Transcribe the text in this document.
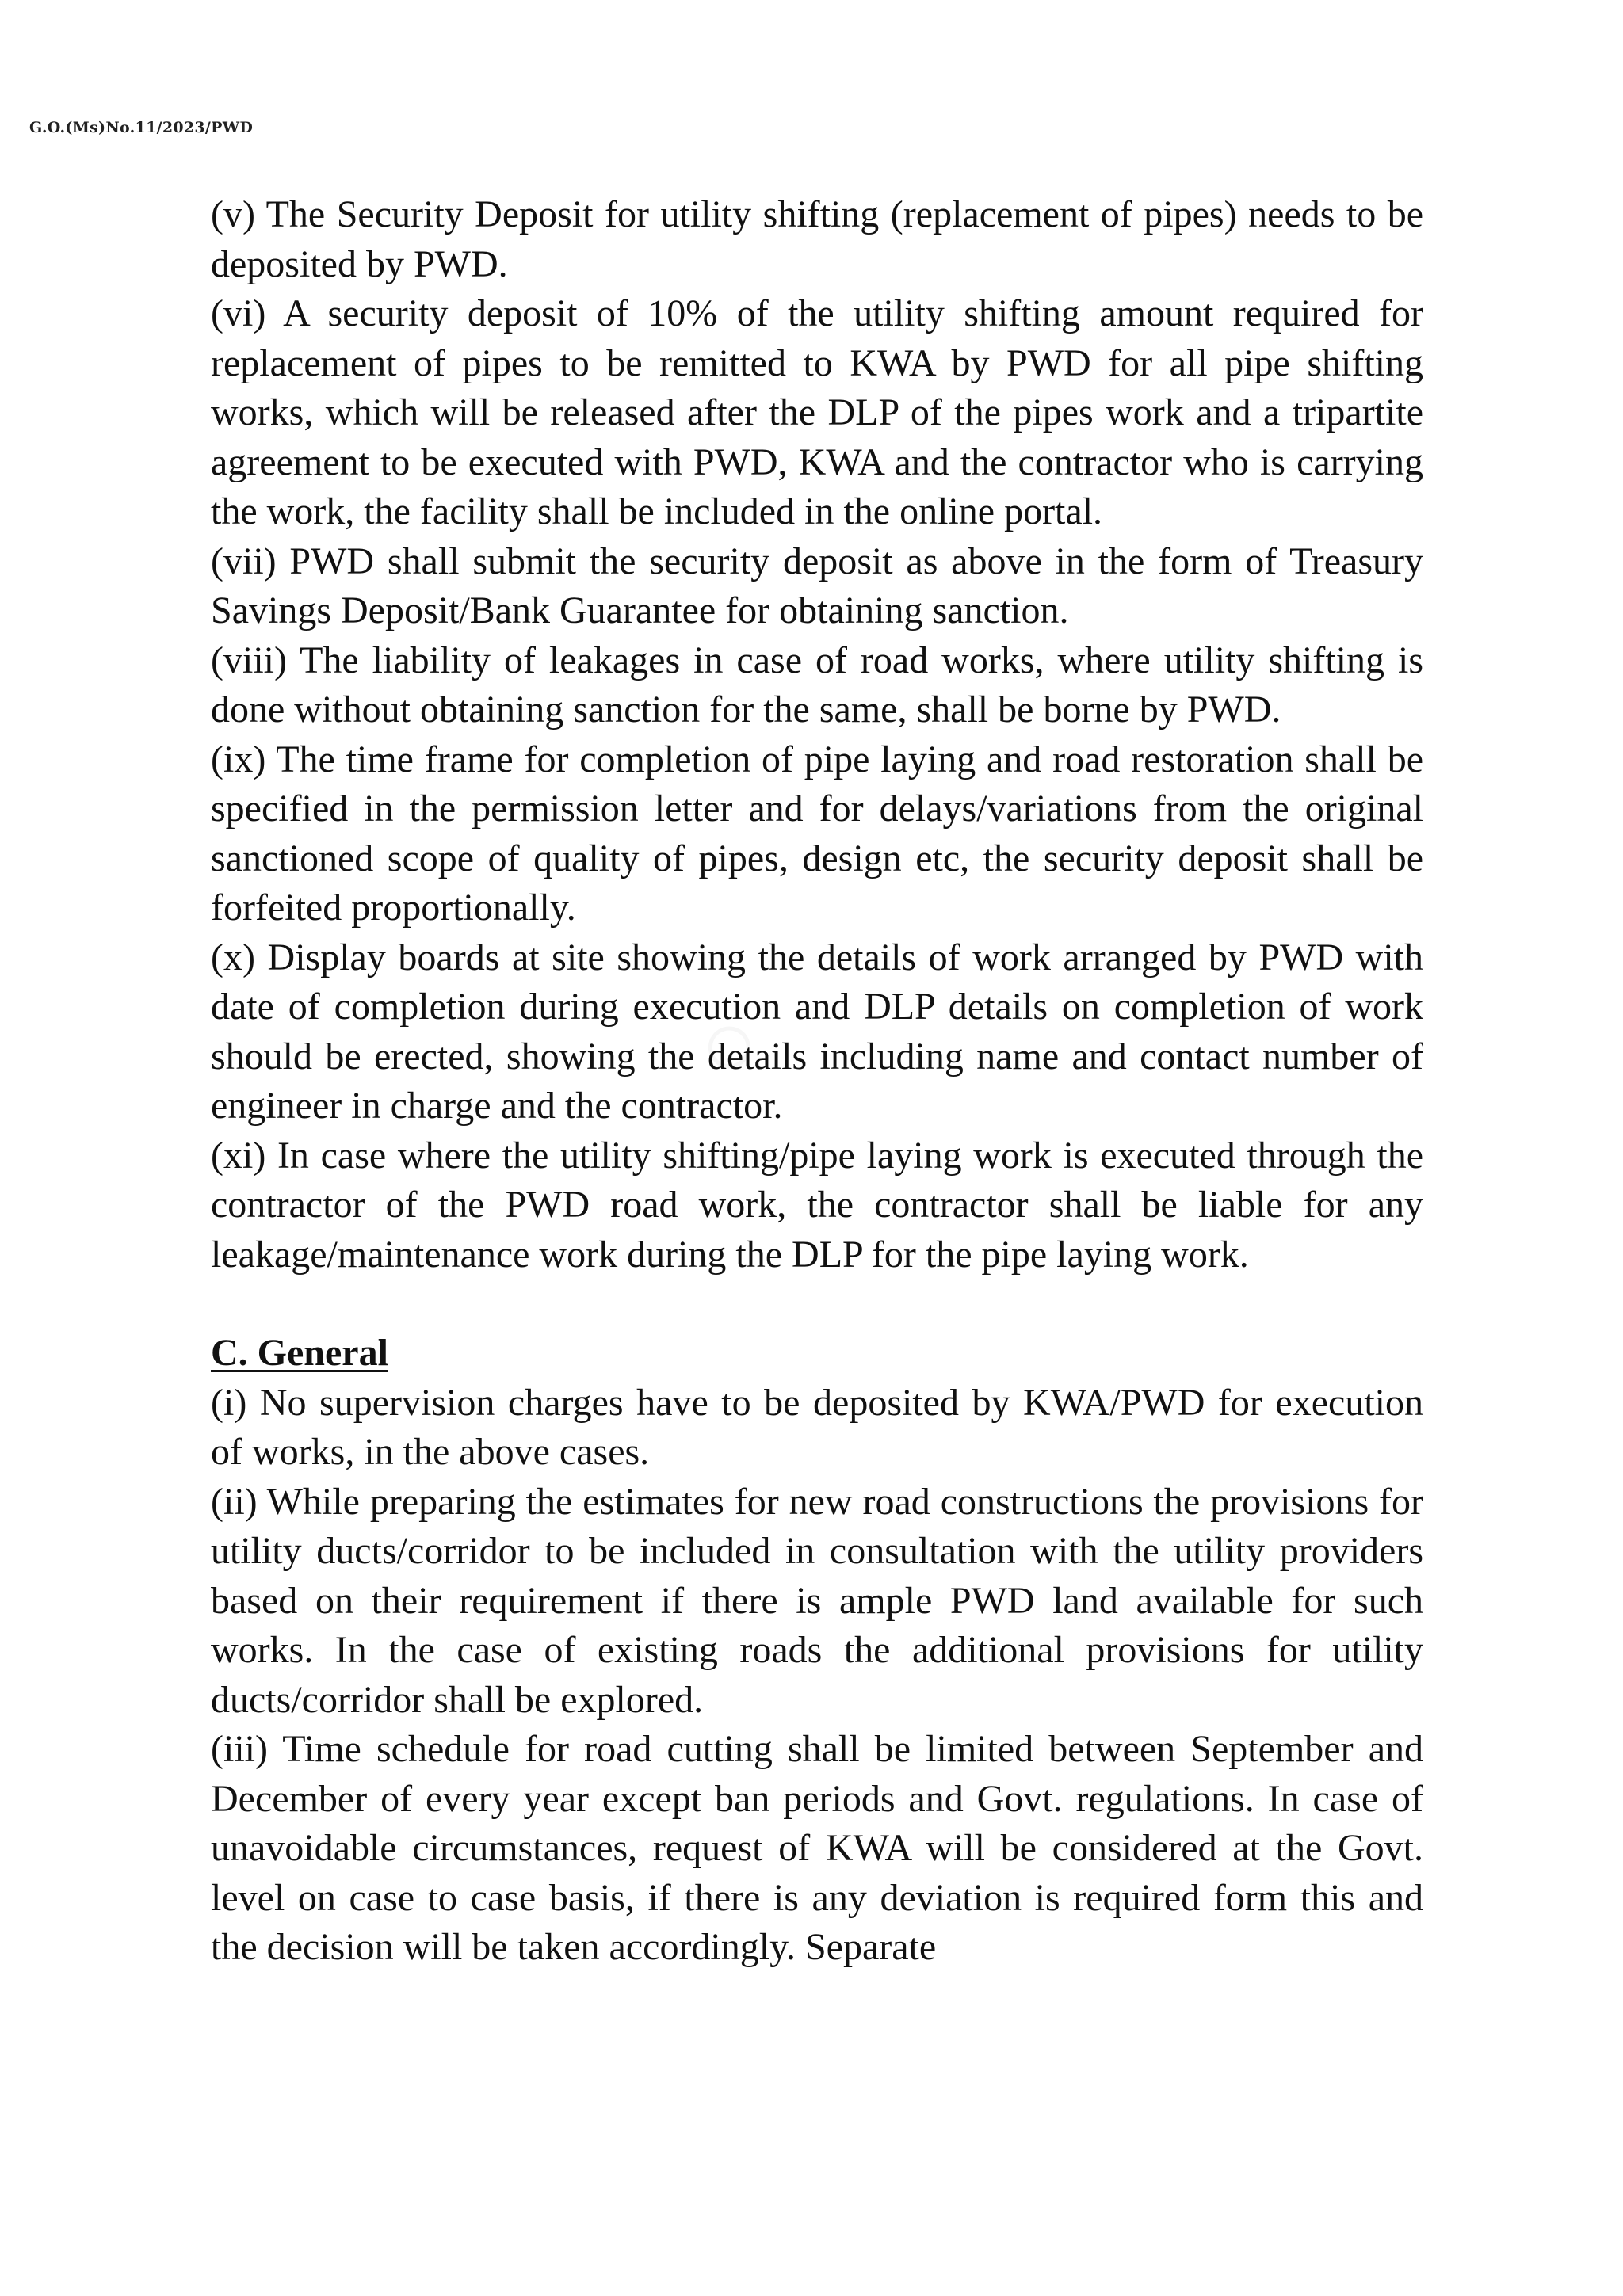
G.O.(Ms)No.11/2023/PWD

(v) The Security Deposit for utility shifting (replacement of pipes) needs to be deposited by PWD.

(vi) A security deposit of 10% of the utility shifting amount required for replacement of pipes to be remitted to KWA by PWD for all pipe shifting works, which will be released after the DLP of the pipes work and a tripartite agreement to be executed with PWD, KWA and the contractor who is carrying the work, the facility shall be included in the online portal.

(vii) PWD shall submit the security deposit as above in the form of Treasury Savings Deposit/Bank Guarantee for obtaining sanction.

(viii) The liability of leakages in case of road works, where utility shifting is done without obtaining sanction for the same, shall be borne by PWD.

(ix) The time frame for completion of pipe laying and road restoration shall be specified in the permission letter and for delays/variations from the original sanctioned scope of quality of pipes, design etc, the security deposit shall be forfeited proportionally.

(x) Display boards at site showing the details of work arranged by PWD with date of completion during execution and DLP details on completion of work should be erected, showing the details including name and contact number of engineer in charge and the contractor.

(xi) In case where the utility shifting/pipe laying work is executed through the contractor of the PWD road work, the contractor shall be liable for any leakage/maintenance work during the DLP for the pipe laying work.

C. General

(i) No supervision charges have to be deposited by KWA/PWD for execution of works, in the above cases.

(ii) While preparing the estimates for new road constructions the provisions for utility ducts/corridor to be included in consultation with the utility providers based on their requirement if there is ample PWD land available for such works. In the case of existing roads the additional provisions for utility ducts/corridor shall be explored.

(iii) Time schedule for road cutting shall be limited between September and December of every year except ban periods and Govt. regulations. In case of unavoidable circumstances, request of KWA will be considered at the Govt. level on case to case basis, if there is any deviation is required form this and the decision will be taken accordingly. Separate
